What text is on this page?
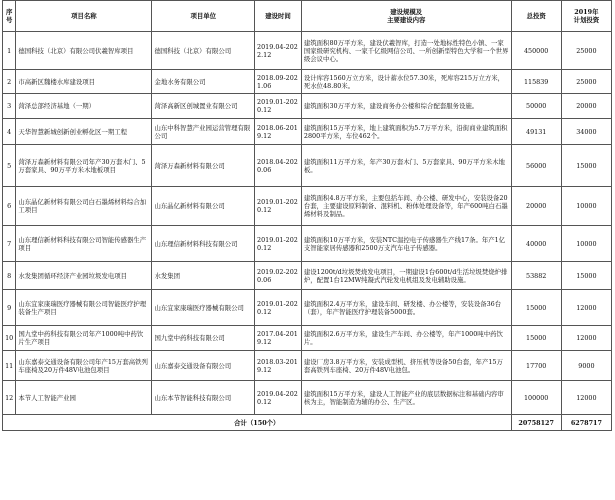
序号	项目名称	项目单位	建设时间	建设规模及
主要建设内容	总投资	2019年
计划投资
1	德国科技（北京）有限公司伏羲智库项目	德国科技（北京）有限公司	2019.04-2022.12	建筑面积80万平方米，建设伏羲智库，打造一处地标性特色小镇、一家国家级研究机构、一家千亿级网信公司、一所创新型特色大学和一个世界级会议中心。	450000	25000
2	市高新区魏楼水库建设项目	金地水务有限公司	2018.09-2021.06	设计库容1560万立方米，设计蓄水位57.30米，死库容215万立方米，死水位48.80米。	115839	25000
3	菏泽总部经济基地（一期）	菏泽高新区创城置业有限公司	2019.01-2020.12	建筑面积30万平方米，建设商务办公楼和综合配套服务设施。	50000	20000
4	天华智慧新城创新创业孵化区一期工程	山东中科智慧产业园运营管理有限公司	2018.06-2019.12	建筑面积15万平方米，地上建筑面积为5.7万平方米，沿街商业建筑面积2800平方米，车位462个。	49131	34000
5	菏泽万森新材料有限公司年产30万套木门、5万套家具、90万平方米木地板项目	菏泽万森新材料有限公司	2018.04-2020.06	建筑面积11万平方米，年产30万套木门、5万套家具、90万平方米木地板。	56000	15000
6	山东晶亿新材料有限公司白石墨烯材料综合加工项目	山东晶亿新材料有限公司	2019.01-2020.12	建筑面积4.8万平方米，主要包括车间、办公楼、研发中心，安装设备20台套，主要建设原料制备、混料机、粉体处理设备等，年产600吨白石墨烯材料及制品。	20000	10000
7	山东理信新材料科技有限公司智能传感器生产项目	山东理信新材料科技有限公司	2019.01-2020.12	建筑面积10万平方米，安装NTC温控电子传感器生产线17条。年产1亿支智能家居传感器和2500万支汽车电子传感器。	40000	10000
8	水发集团循环经济产业园垃圾发电项目	水发集团	2019.02-2020.06	建设1200t/d垃圾焚烧发电项目，一期建设1台600t/d生活垃圾焚烧炉排炉，配置1台12MW纯凝式汽轮发电机组及发电辅助设施。	53882	15000
9	山东宜家康瑞医疗器械有限公司智能医疗护理装备生产项目	山东宜家康瑞医疗器械有限公司	2019.01-2020.12	建筑面积2.4万平方米，建设车间、研发楼、办公楼等，安装设备36台（套），年产智能医疗护理装备5000套。	15000	12000
10	国九堂中药科技有限公司年产1000吨中药饮片生产项目	国九堂中药科技有限公司	2017.04-2019.12	建筑面积2.6万平方米，建设生产车间、办公楼等，年产1000吨中药饮片。	15000	12000
11	山东嘉泰交通设备有限公司年产15万套高铁列车座椅及20万件48V电池包项目	山东嘉泰交通设备有限公司	2018.03-2019.12	建设厂房3.8万平方米，安装成型机、挤压机等设备50台套，年产15万套高铁列车座椅、20万件48V电池包。	17700	9000
12	本节人工智能产业园	山东本节智能科技有限公司	2019.04-2020.12	建筑面积15万平方米，建设人工智能产业的底层数据标注和基础内容审核为主，智能制造为辅的办公、生产区。	100000	12000
合计（150个）					20758127	6278717
